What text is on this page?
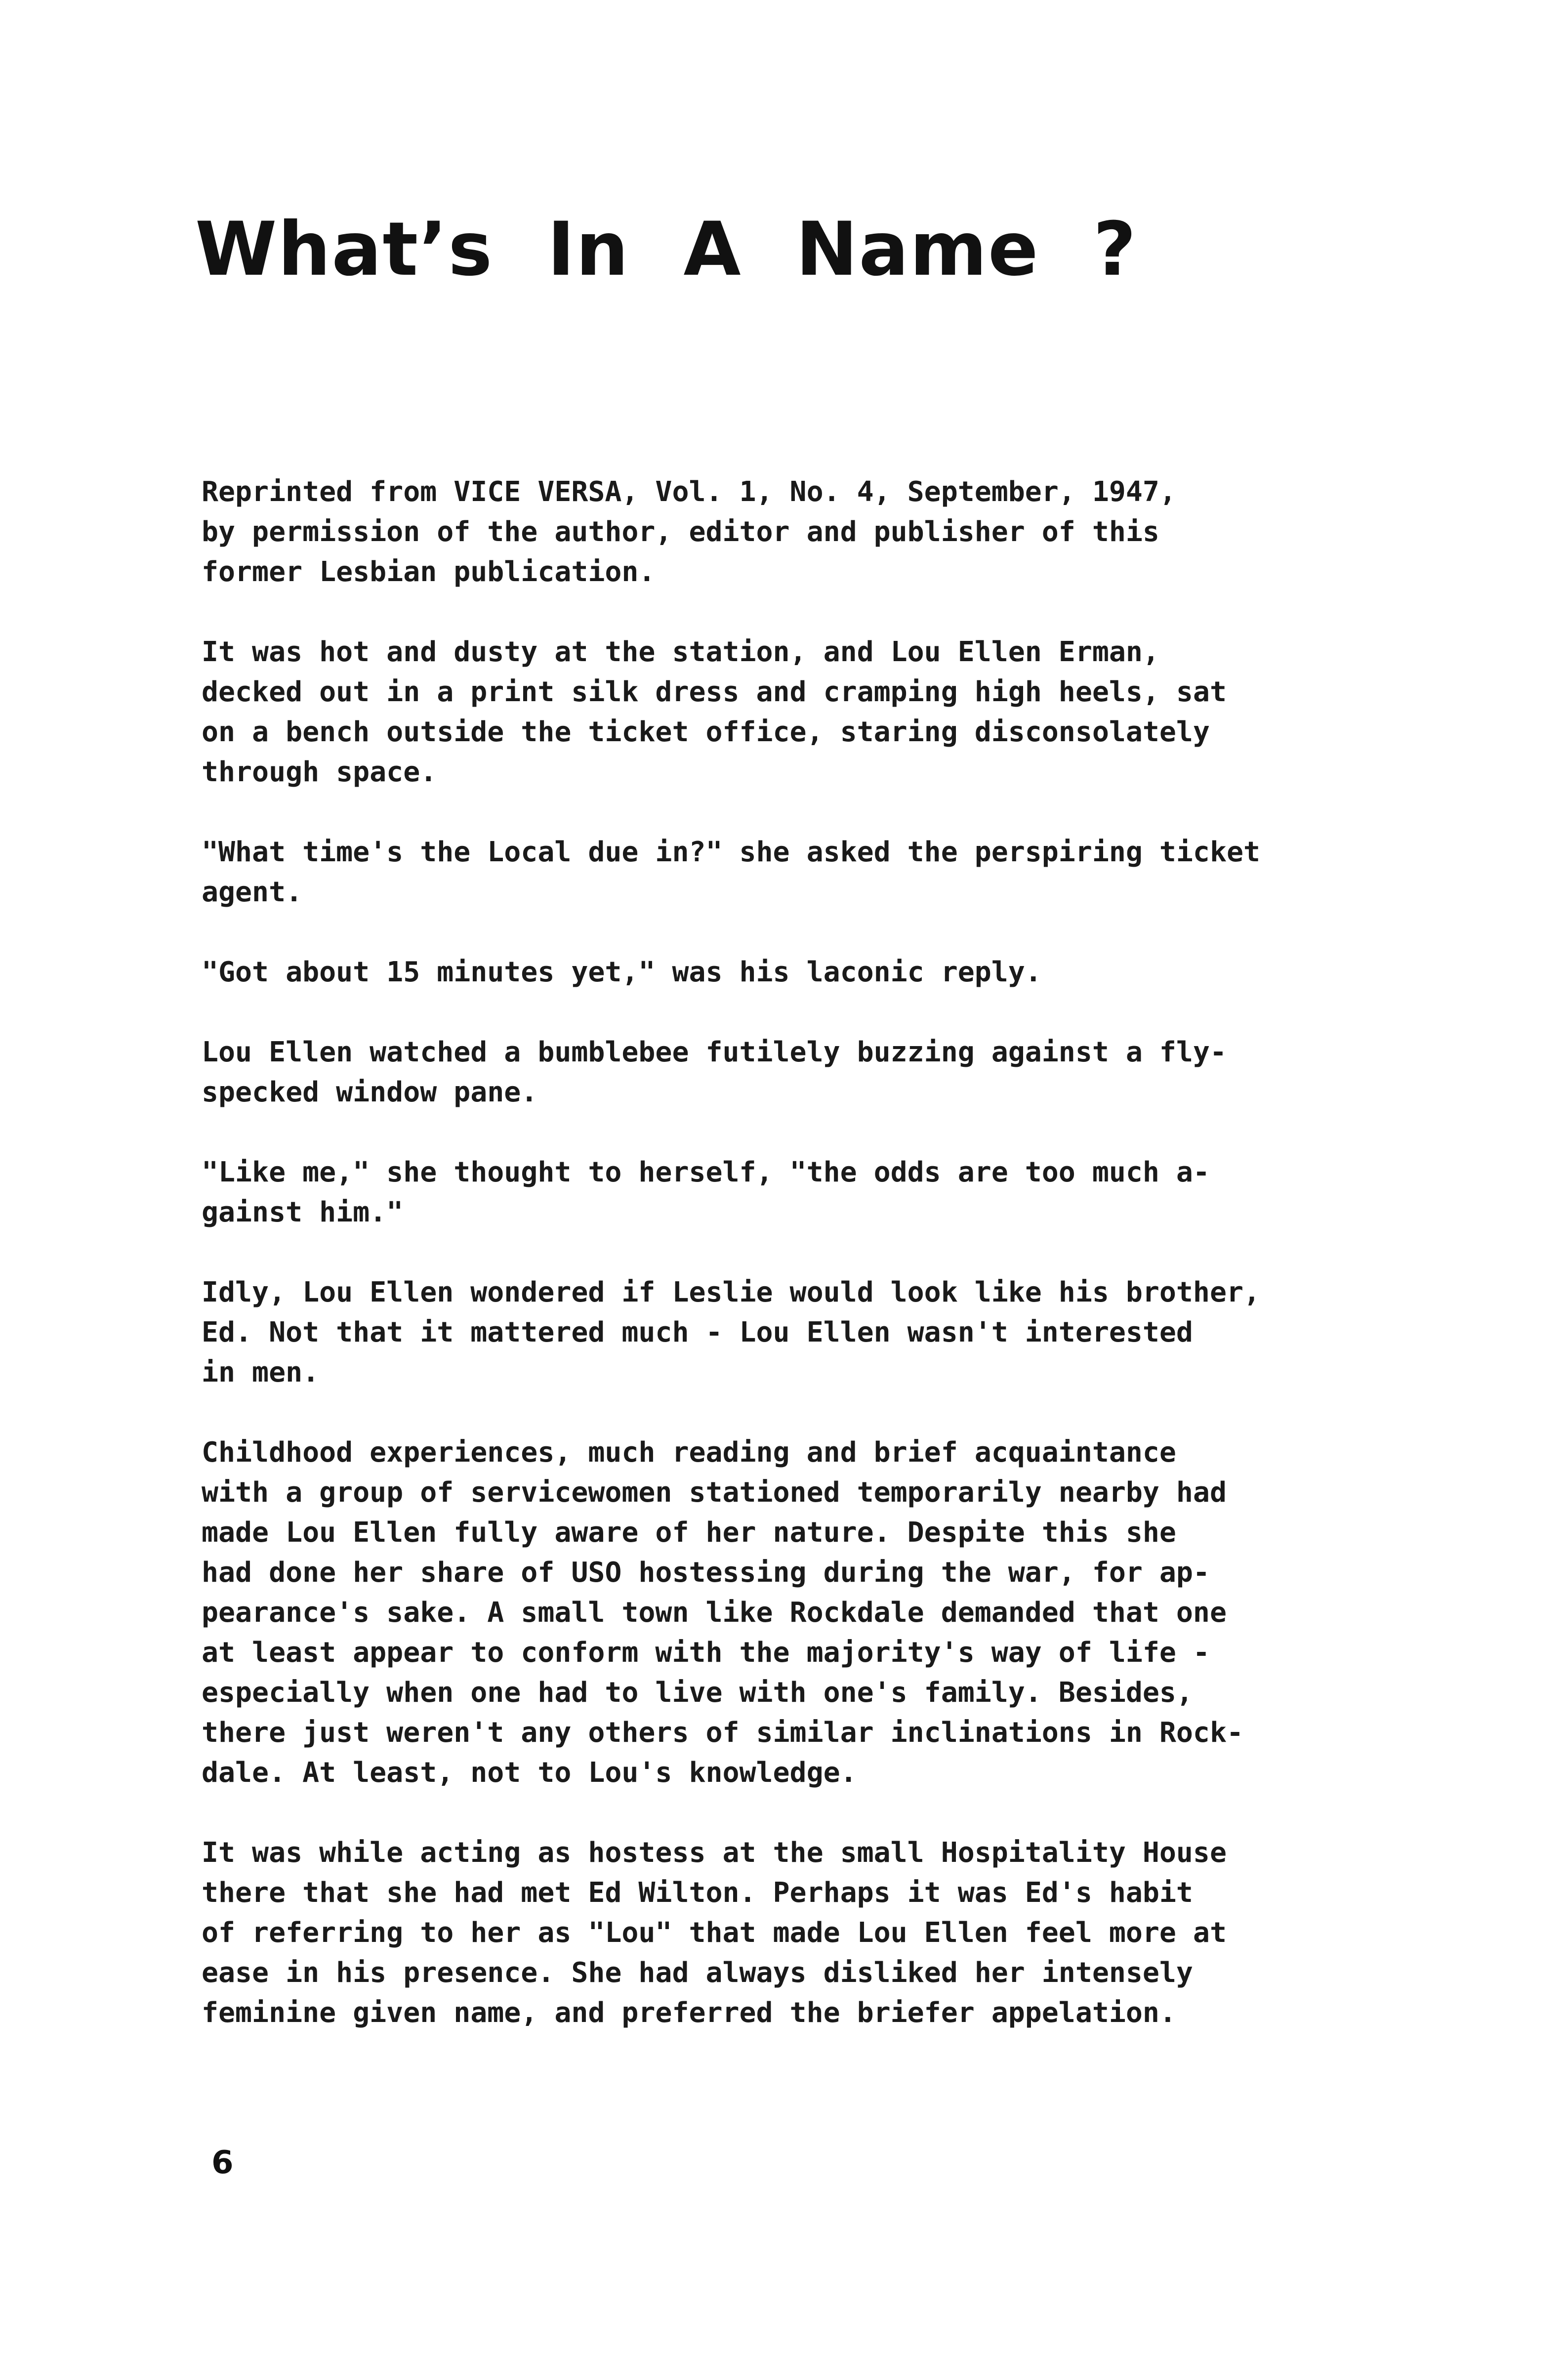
What’s In A Name ?

Reprinted from VICE VERSA, Vol. 1, No. 4, September, 1947,
by permission of the author, editor and publisher of this
former Lesbian publication.

It was hot and dusty at the station, and Lou Ellen Erman,
decked out in a print silk dress and cramping high heels, sat
on a bench outside the ticket office, staring disconsolately
through space.

"What time's the Local due in?" she asked the perspiring ticket
agent.

"Got about 15 minutes yet," was his laconic reply.

Lou Ellen watched a bumblebee futilely buzzing against a fly-
specked window pane.

"Like me," she thought to herself, "the odds are too much a-
gainst him."

Idly, Lou Ellen wondered if Leslie would look like his brother,
Ed. Not that it mattered much - Lou Ellen wasn't interested
in men.

Childhood experiences, much reading and brief acquaintance
with a group of servicewomen stationed temporarily nearby had
made Lou Ellen fully aware of her nature. Despite this she
had done her share of USO hostessing during the war, for ap-
pearance's sake. A small town like Rockdale demanded that one
at least appear to conform with the majority's way of life -
especially when one had to live with one's family. Besides,
there just weren't any others of similar inclinations in Rock-
dale. At least, not to Lou's knowledge.

It was while acting as hostess at the small Hospitality House
there that she had met Ed Wilton. Perhaps it was Ed's habit
of referring to her as "Lou" that made Lou Ellen feel more at
ease in his presence. She had always disliked her intensely
feminine given name, and preferred the briefer appelation.

6
